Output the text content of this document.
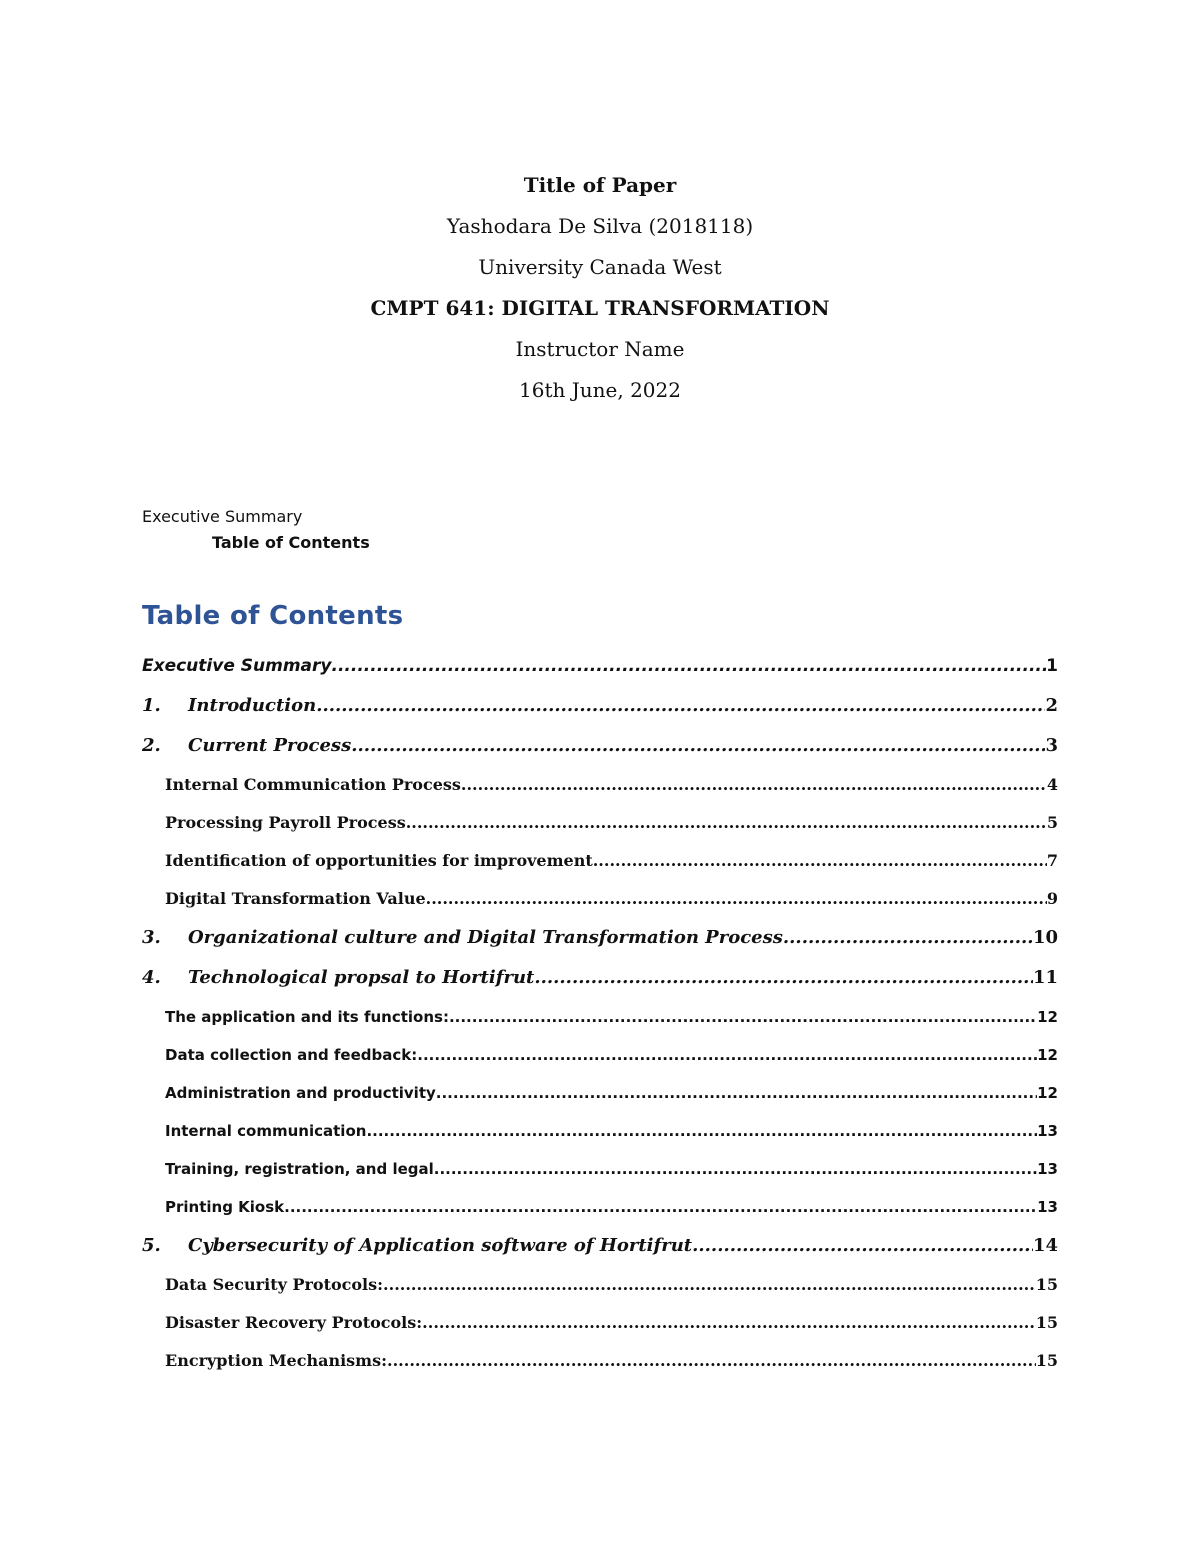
Title of Paper
Yashodara De Silva (2018118)
University Canada West
CMPT 641: DIGITAL TRANSFORMATION
Instructor Name
16th June, 2022
Executive Summary
Table of Contents
Table of Contents
Executive Summary .....	1
1.	Introduction .....	2
2.	Current Process .....	3
Internal Communication Process .....	4
Processing Payroll Process .....	5
Identification of opportunities for improvement .....	7
Digital Transformation Value .....	9
3.	Organizational culture and Digital Transformation Process .....	10
4.	Technological propsal to Hortifrut .....	11
The application and its functions: .....	12
Data collection and feedback: .....	12
Administration and productivity .....	12
Internal communication .....	13
Training, registration, and legal .....	13
Printing Kiosk .....	13
5.	Cybersecurity of Application software of Hortifrut .....	14
Data Security Protocols: .....	15
Disaster Recovery Protocols: .....	15
Encryption Mechanisms: .....	15
